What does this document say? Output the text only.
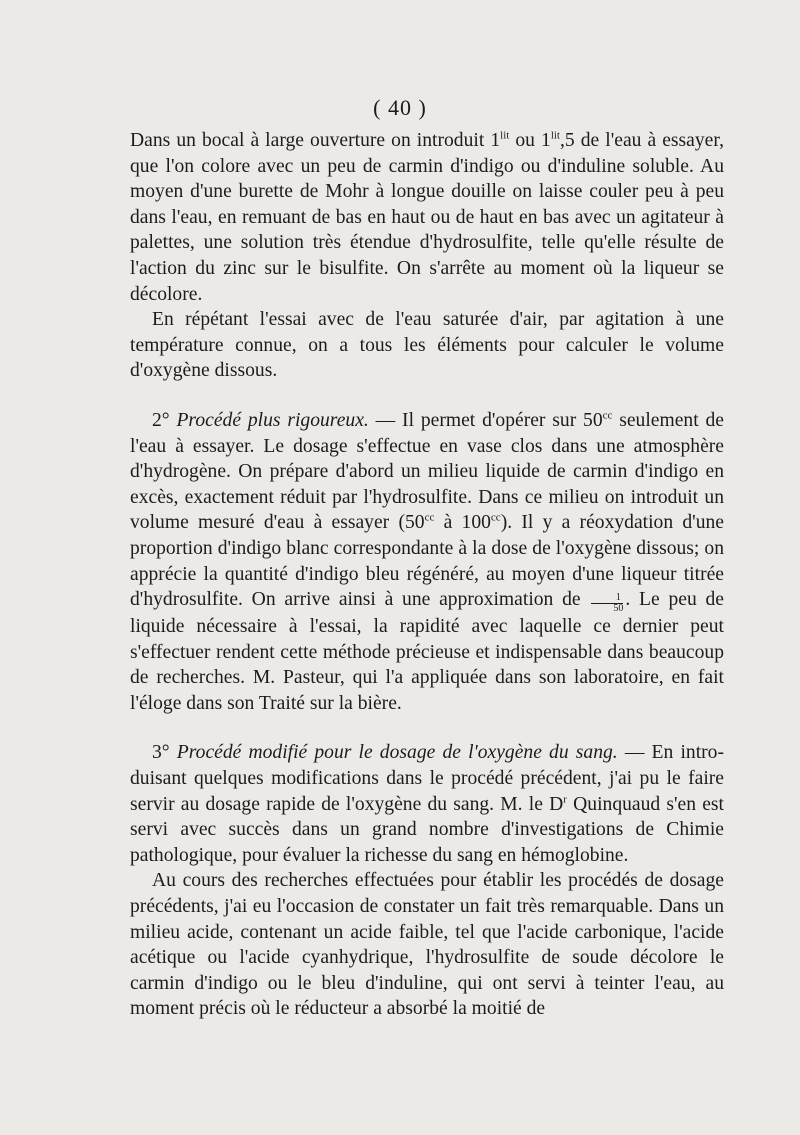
( 40 )

Dans un bocal à large ouverture on introduit $1^{lit}$ ou $1^{lit},5$ de l'eau à essayer, que l'on colore avec un peu de carmin d'indigo ou d'induline soluble. Au moyen d'une burette de Mohr à longue douille on laisse couler peu à peu dans l'eau, en remuant de bas en haut ou de haut en bas avec un agitateur à palettes, une solution très étendue d'hydrosulfite, telle qu'elle résulte de l'action du zinc sur le bisulfite. On s'arrête au moment où la liqueur se décolore.

En répétant l'essai avec de l'eau saturée d'air, par agitation à une température connue, on a tous les éléments pour calculer le volume d'oxygène dissous.

2° Procédé plus rigoureux. — Il permet d'opérer sur $50^{cc}$ seulement de l'eau à essayer. Le dosage s'effectue en vase clos dans une atmosphère d'hydrogène. On prépare d'abord un milieu liquide de carmin d'indigo en excès, exactement réduit par l'hydrosulfite. Dans ce milieu on introduit un volume mesuré d'eau à essayer ($50^{cc}$ à $100^{cc}$). Il y a réoxydation d'une proportion d'indigo blanc correspondante à la dose de l'oxygène dissous; on apprécie la quantité d'indigo bleu régénéré, au moyen d'une liqueur titrée d'hydrosulfite. On arrive ainsi à une approximation de $\frac{1}{50}$ . Le peu de liquide nécessaire à l'essai, la rapidité avec laquelle ce dernier peut s'effectuer rendent cette méthode précieuse et indispensable dans beaucoup de recherches. M. Pasteur, qui l'a appliquée dans son laboratoire, en fait l'éloge dans son Traité sur la bière.

3° Procédé modifié pour le dosage de l'oxygène du sang. — En introduisant quelques modifications dans le procédé précédent, j'ai pu le faire servir au dosage rapide de l'oxygène du sang. M. le $D^r$ Quinquaud s'en est servi avec succès dans un grand nombre d'investigations de Chimie pathologique, pour évaluer la richesse du sang en hémoglobine.

Au cours des recherches effectuées pour établir les procédés de dosage précédents, j'ai eu l'occasion de constater un fait très remarquable. Dans un milieu acide, contenant un acide faible, tel que l'acide carbonique, l'acide acétique ou l'acide cyanhydrique, l'hydrosulfite de soude décolore le carmin d'indigo ou le bleu d'induline, qui ont servi à teinter l'eau, au moment précis où le réducteur a absorbé la moitié de
